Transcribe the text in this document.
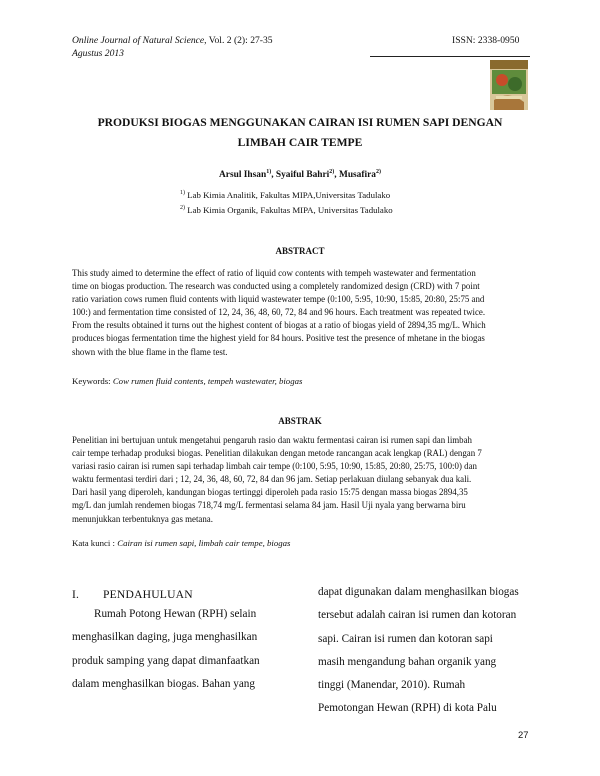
Online Journal of Natural Science, Vol. 2 (2): 27-35
Agustus 2013
ISSN: 2338-0950
PRODUKSI BIOGAS MENGGUNAKAN CAIRAN ISI RUMEN SAPI DENGAN
LIMBAH CAIR TEMPE
Arsul Ihsan$^{1)}$, Syaiful Bahri$^{2)}$, Musafira$^{2)}$
$^{1)}$ Lab Kimia Analitik, Fakultas MIPA,Universitas Tadulako
$^{2)}$ Lab Kimia Organik, Fakultas MIPA, Universitas Tadulako
ABSTRACT
This study aimed to determine the effect of ratio of liquid cow contents with tempeh wastewater and fermentation
time on biogas production. The research was conducted using a completely randomized design (CRD) with 7 point
ratio variation cows rumen fluid contents with liquid wastewater tempe (0:100, 5:95, 10:90, 15:85, 20:80, 25:75 and
100:) and fermentation time consisted of 12, 24, 36, 48, 60, 72, 84 and 96 hours. Each treatment was repeated twice.
From the results obtained it turns out the highest content of biogas at a ratio of biogas yield of 2894,35 mg/L. Which
produces biogas fermentation time the highest yield for 84 hours. Positive test the presence of mhetane in the biogas
shown with the blue flame in the flame test.
Keywords: Cow rumen fluid contents, tempeh wastewater, biogas
ABSTRAK
Penelitian ini bertujuan untuk mengetahui pengaruh rasio dan waktu fermentasi cairan isi rumen sapi dan limbah
cair tempe terhadap produksi biogas. Penelitian dilakukan dengan metode rancangan acak lengkap (RAL) dengan 7
variasi rasio cairan isi rumen sapi terhadap limbah cair tempe (0:100, 5:95, 10:90, 15:85, 20:80, 25:75, 100:0) dan
waktu fermentasi terdiri dari ; 12, 24, 36, 48, 60, 72, 84 dan 96 jam. Setiap perlakuan diulang sebanyak dua kali.
Dari hasil yang diperoleh, kandungan biogas tertinggi diperoleh pada rasio 15:75 dengan massa biogas 2894,35
mg/L dan jumlah rendemen biogas 718,74 mg/L fermentasi selama 84 jam. Hasil Uji nyala yang berwarna biru
menunjukkan terbentuknya gas metana.
Kata kunci : Cairan isi rumen sapi, limbah cair tempe, biogas
I. PENDAHULUAN
Rumah Potong Hewan (RPH) selain
menghasilkan daging, juga menghasilkan
produk samping yang dapat dimanfaatkan
dalam menghasilkan biogas. Bahan yang
dapat digunakan dalam menghasilkan biogas
tersebut adalah cairan isi rumen dan kotoran
sapi. Cairan isi rumen dan kotoran sapi
masih mengandung bahan organik yang
tinggi (Manendar, 2010). Rumah
Pemotongan Hewan (RPH) di kota Palu
27
